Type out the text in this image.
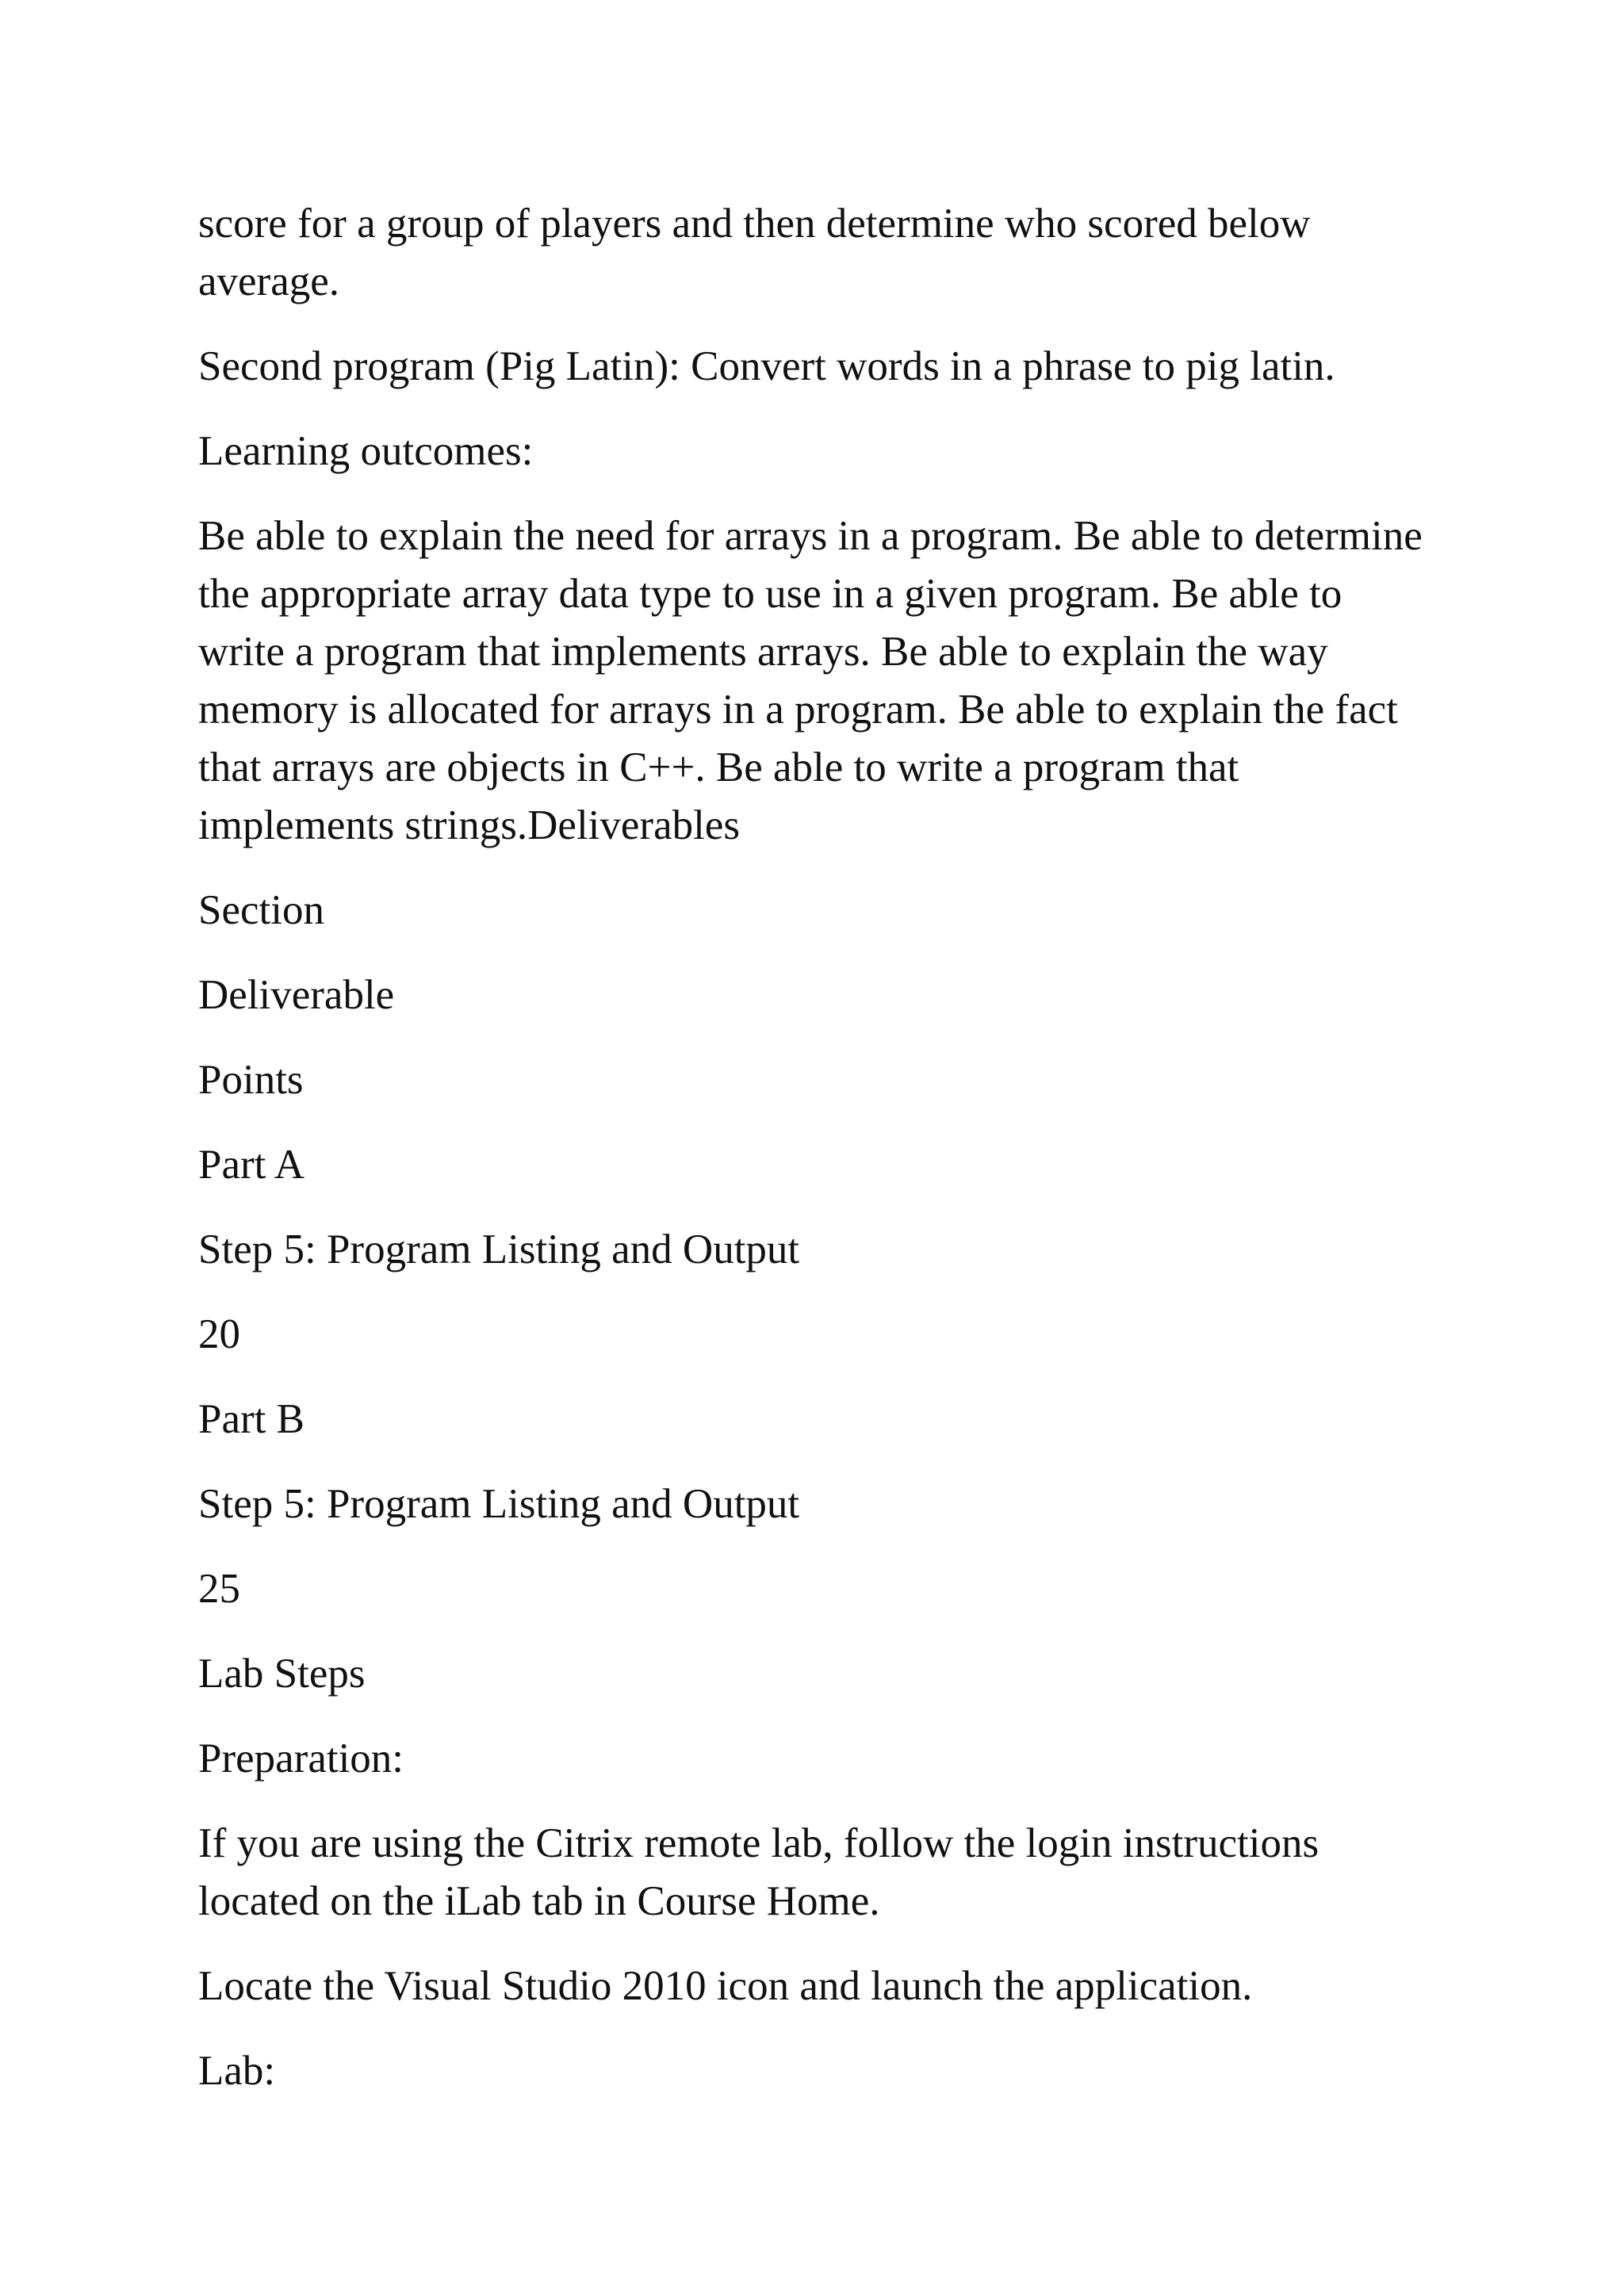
score for a group of players and then determine who scored below average.

Second program (Pig Latin): Convert words in a phrase to pig latin.

Learning outcomes:

Be able to explain the need for arrays in a program. Be able to determine the appropriate array data type to use in a given program. Be able to write a program that implements arrays. Be able to explain the way memory is allocated for arrays in a program. Be able to explain the fact that arrays are objects in C++. Be able to write a program that implements strings.Deliverables

Section

Deliverable

Points

Part A

Step 5: Program Listing and Output

20

Part B

Step 5: Program Listing and Output

25

Lab Steps

Preparation:

If you are using the Citrix remote lab, follow the login instructions located on the iLab tab in Course Home.

Locate the Visual Studio 2010 icon and launch the application.

Lab:
